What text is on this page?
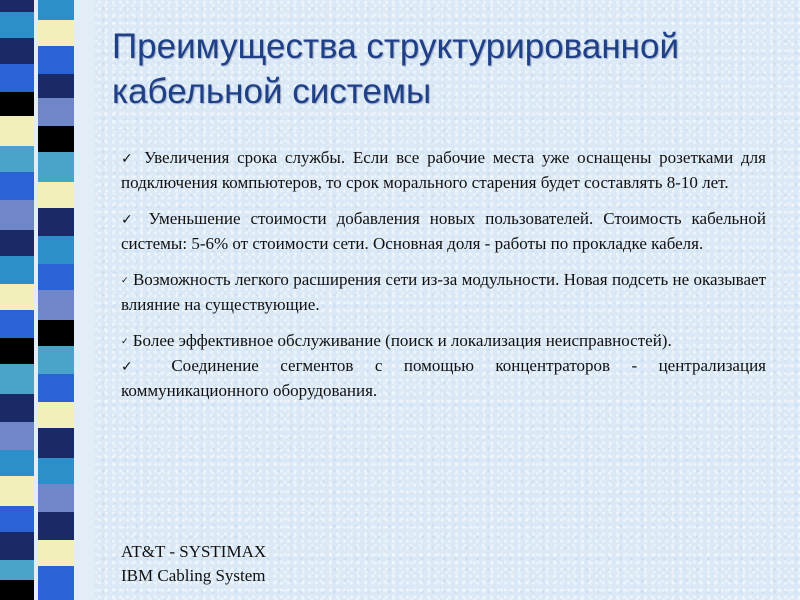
Преимущества структурированной
кабельной системы

✓ Увеличения срока службы. Если все рабочие места уже оснащены розетками для подключения компьютеров, то срок морального старения будет составлять 8-10 лет.

✓ Уменьшение стоимости добавления новых пользователей. Стоимость кабельной системы: 5-6% от стоимости сети. Основная доля - работы по прокладке кабеля.

✓ Возможность легкого расширения сети из-за модульности. Новая подсеть не оказывает влияние на существующие.

✓ Более эффективное обслуживание (поиск и локализация неисправностей).

✓ Соединение сегментов с помощью концентраторов - централизация коммуникационного оборудования.

AT&T - SYSTIMAX
IBM Cabling System
